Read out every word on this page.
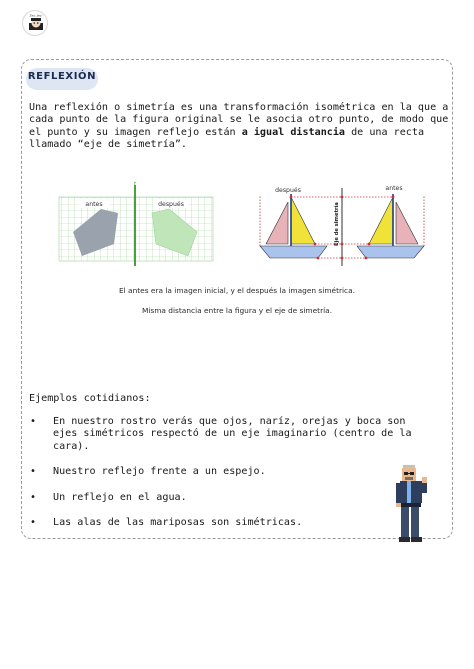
Zes, Jey!
REFLEXIÓN

Una reflexión o simetría es una transformación isométrica en la que a cada punto de la figura original se le asocia otro punto, de modo que el punto y su imagen reflejo están a igual distancia de una recta llamado “eje de simetría”.

t
antes	después
después	antes
Eje de simetría
El antes era la imagen inicial, y el después la imagen simétrica.
Misma distancia entre la figura y el eje de simetría.
Ejemplos cotidianos:
• En nuestro rostro verás que ojos, naríz, orejas y boca son ejes simétricos respectó de un eje imaginario (centro de la cara).
• Nuestro reflejo frente a un espejo.
• Un reflejo en el agua.
• Las alas de las mariposas son simétricas.
